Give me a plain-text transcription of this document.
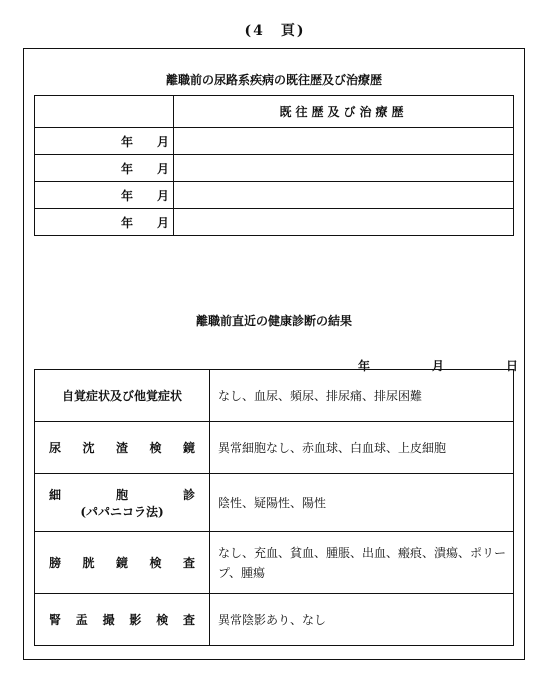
(4　頁)
離職前の尿路系疾病の既往歴及び治療歴
	既往歴及び治療歴
年　　月	
年　　月	
年　　月	
年　　月	
離職前直近の健康診断の結果
年	月	日
自覚症状及び他覚症状	なし、血尿、頻尿、排尿痛、排尿困難
尿沈渣検鏡	異常細胞なし、赤血球、白血球、上皮細胞
細胞診
(パパニコラ法)	陰性、疑陽性、陽性
膀胱鏡検査	なし、充血、貧血、腫脹、出血、瘢痕、潰瘍、ポリープ、腫瘍
腎盂撮影検査	異常陰影あり、なし
